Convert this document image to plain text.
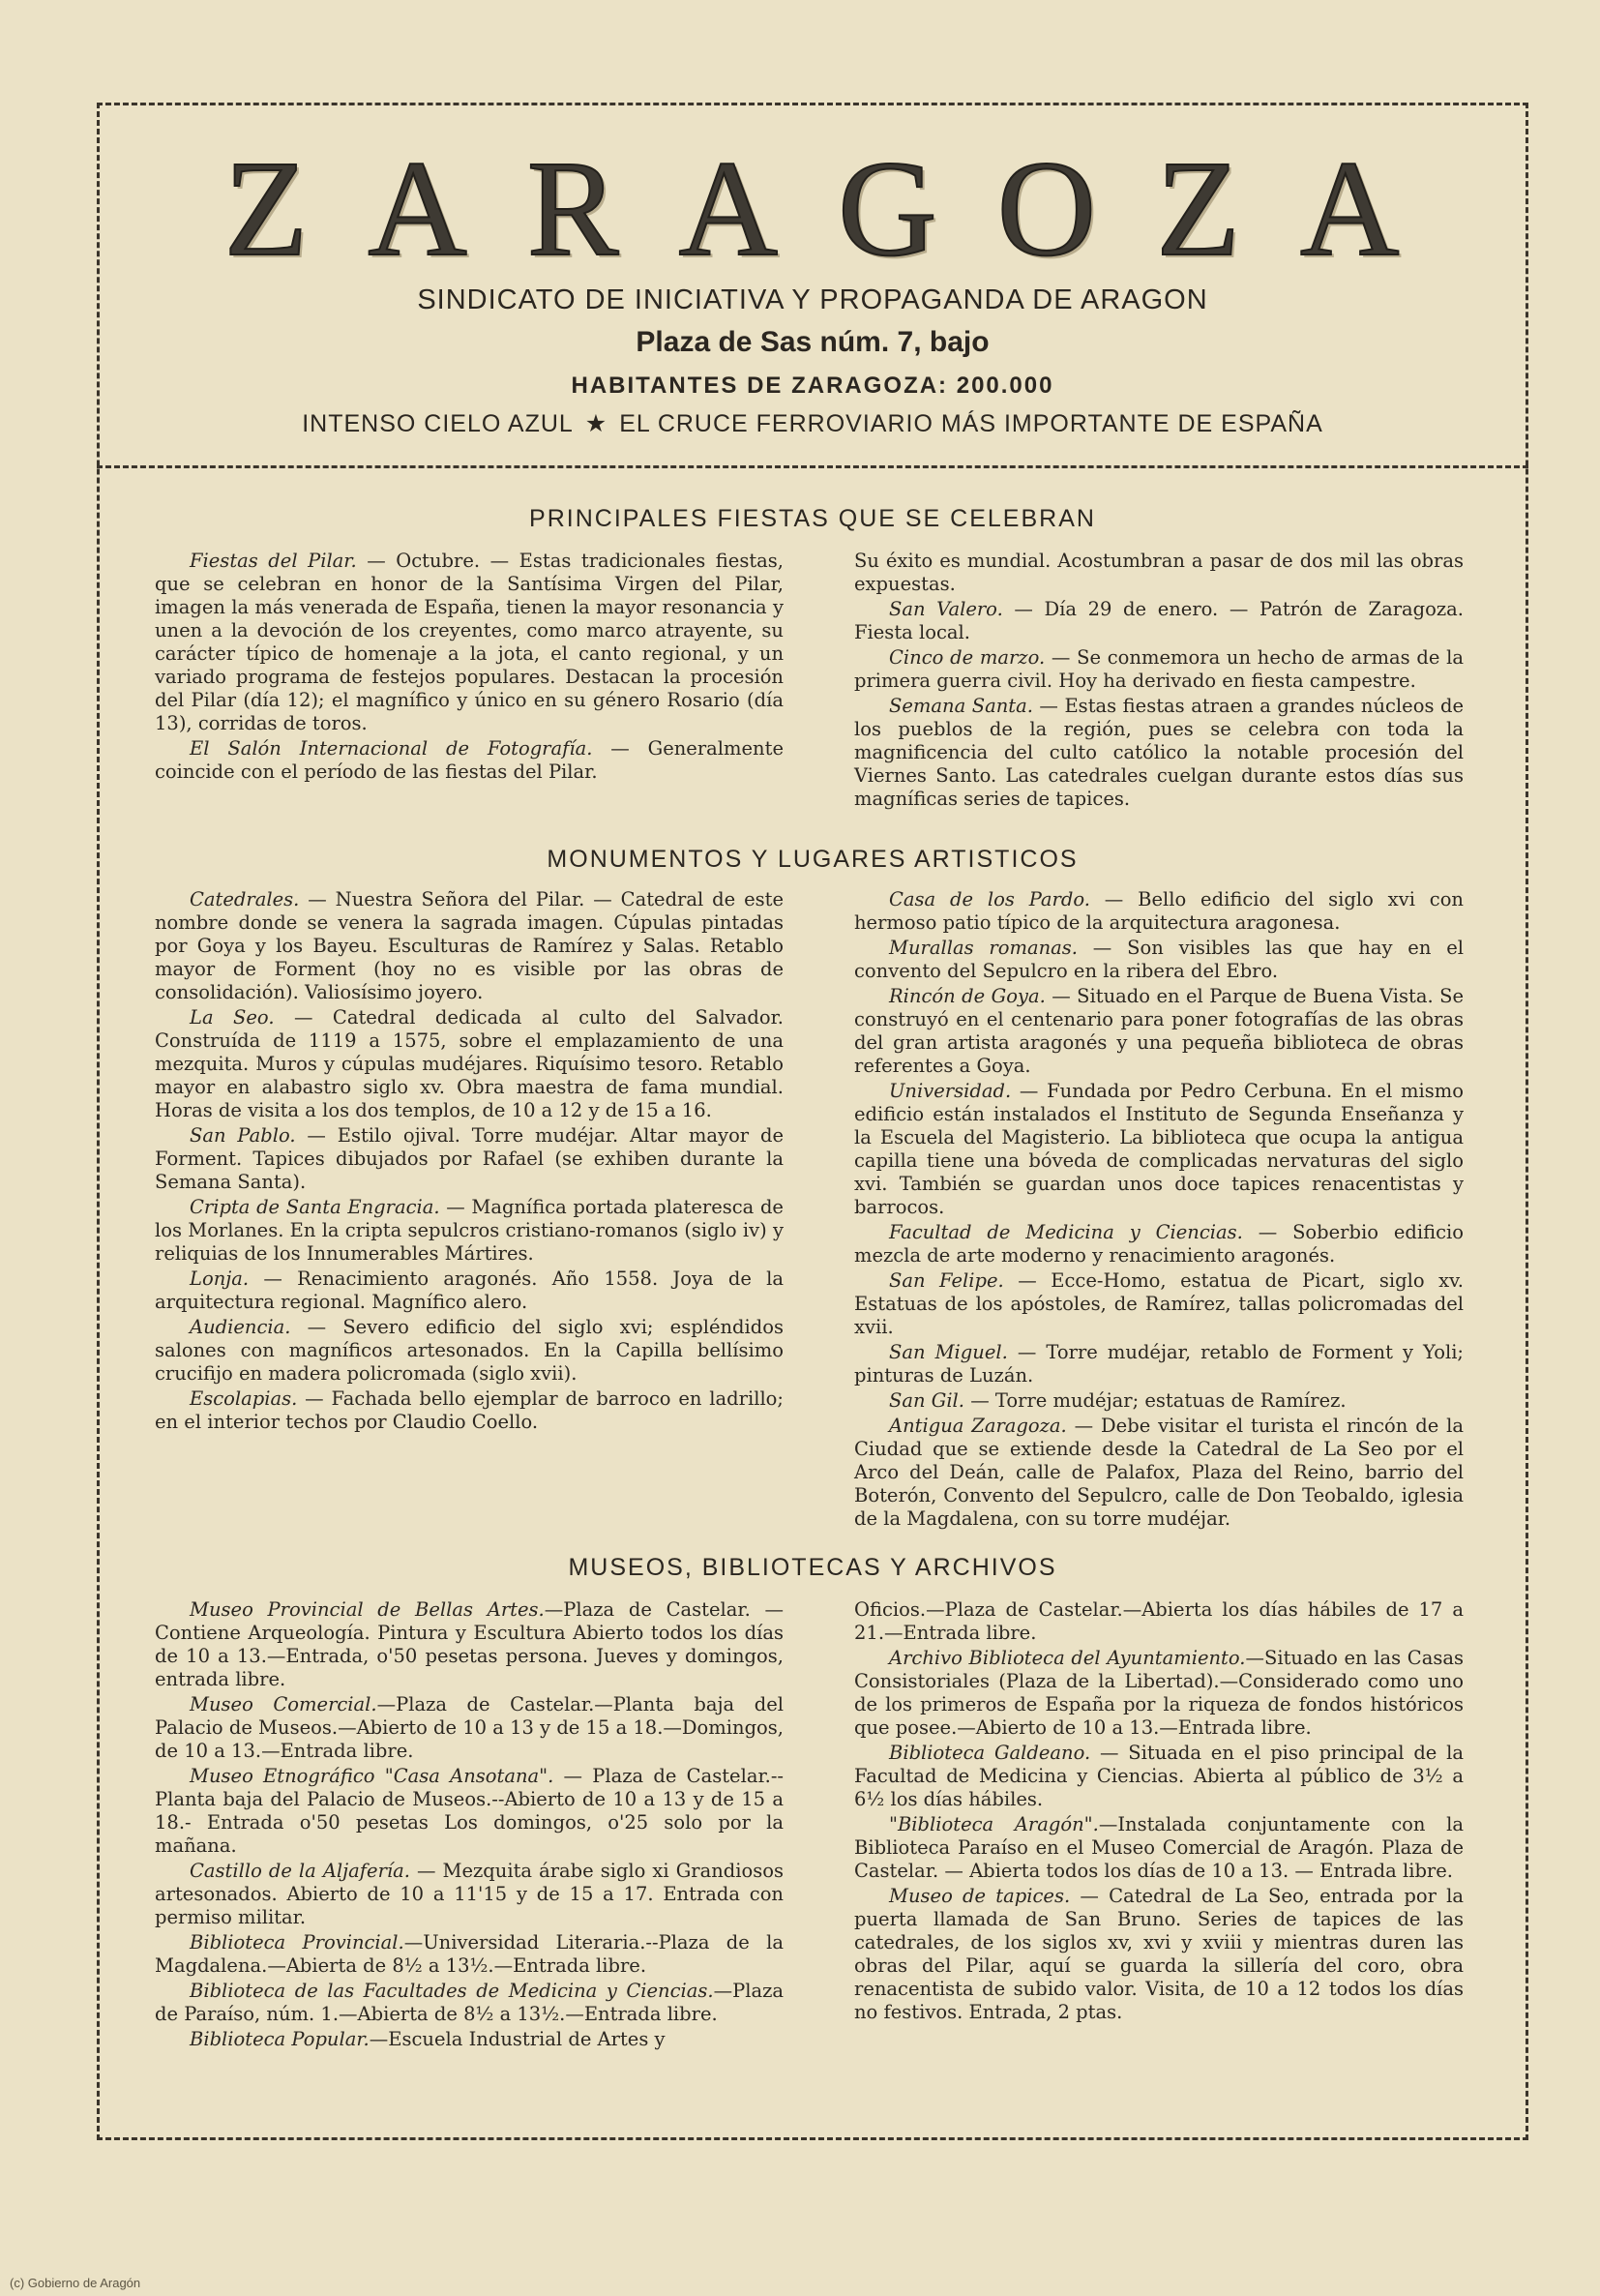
ZARAGOZA
SINDICATO DE INICIATIVA Y PROPAGANDA DE ARAGON
Plaza de Sas núm. 7, bajo
HABITANTES DE ZARAGOZA: 200.000
INTENSO CIELO AZUL ★ EL CRUCE FERROVIARIO MÁS IMPORTANTE DE ESPAÑA
PRINCIPALES FIESTAS QUE SE CELEBRAN

Fiestas del Pilar. — Octubre. — Estas tradicionales fiestas, que se celebran en honor de la Santísima Virgen del Pilar, imagen la más venerada de España, tienen la mayor resonancia y unen a la devoción de los creyentes, como marco atrayente, su carácter típico de homenaje a la jota, el canto regional, y un variado programa de festejos populares. Destacan la procesión del Pilar (día 12); el magnífico y único en su género Rosario (día 13), corridas de toros.

El Salón Internacional de Fotografía. — Generalmente coincide con el período de las fiestas del Pilar.

Su éxito es mundial. Acostumbran a pasar de dos mil las obras expuestas.

San Valero. — Día 29 de enero. — Patrón de Zaragoza. Fiesta local.

Cinco de marzo. — Se conmemora un hecho de armas de la primera guerra civil. Hoy ha derivado en fiesta campestre.

Semana Santa. — Estas fiestas atraen a grandes núcleos de los pueblos de la región, pues se celebra con toda la magnificencia del culto católico la notable procesión del Viernes Santo. Las catedrales cuelgan durante estos días sus magníficas series de tapices.

MONUMENTOS Y LUGARES ARTISTICOS

Catedrales. — Nuestra Señora del Pilar. — Catedral de este nombre donde se venera la sagrada imagen. Cúpulas pintadas por Goya y los Bayeu. Esculturas de Ramírez y Salas. Retablo mayor de Forment (hoy no es visible por las obras de consolidación). Valiosísimo joyero.

La Seo. — Catedral dedicada al culto del Salvador. Construída de 1119 a 1575, sobre el emplazamiento de una mezquita. Muros y cúpulas mudéjares. Riquísimo tesoro. Retablo mayor en alabastro siglo xv. Obra maestra de fama mundial. Horas de visita a los dos templos, de 10 a 12 y de 15 a 16.

San Pablo. — Estilo ojival. Torre mudéjar. Altar mayor de Forment. Tapices dibujados por Rafael (se exhiben durante la Semana Santa).

Cripta de Santa Engracia. — Magnífica portada plateresca de los Morlanes. En la cripta sepulcros cristiano-romanos (siglo iv) y reliquias de los Innumerables Mártires.

Lonja. — Renacimiento aragonés. Año 1558. Joya de la arquitectura regional. Magnífico alero.

Audiencia. — Severo edificio del siglo xvi; espléndidos salones con magníficos artesonados. En la Capilla bellísimo crucifijo en madera policromada (siglo xvii).

Escolapias. — Fachada bello ejemplar de barroco en ladrillo; en el interior techos por Claudio Coello.

Casa de los Pardo. — Bello edificio del siglo xvi con hermoso patio típico de la arquitectura aragonesa.

Murallas romanas. — Son visibles las que hay en el convento del Sepulcro en la ribera del Ebro.

Rincón de Goya. — Situado en el Parque de Buena Vista. Se construyó en el centenario para poner fotografías de las obras del gran artista aragonés y una pequeña biblioteca de obras referentes a Goya.

Universidad. — Fundada por Pedro Cerbuna. En el mismo edificio están instalados el Instituto de Segunda Enseñanza y la Escuela del Magisterio. La biblioteca que ocupa la antigua capilla tiene una bóveda de complicadas nervaturas del siglo xvi. También se guardan unos doce tapices renacentistas y barrocos.

Facultad de Medicina y Ciencias. — Soberbio edificio mezcla de arte moderno y renacimiento aragonés.

San Felipe. — Ecce-Homo, estatua de Picart, siglo xv. Estatuas de los apóstoles, de Ramírez, tallas policromadas del xvii.

San Miguel. — Torre mudéjar, retablo de Forment y Yoli; pinturas de Luzán.

San Gil. — Torre mudéjar; estatuas de Ramírez.

Antigua Zaragoza. — Debe visitar el turista el rincón de la Ciudad que se extiende desde la Catedral de La Seo por el Arco del Deán, calle de Palafox, Plaza del Reino, barrio del Boterón, Convento del Sepulcro, calle de Don Teobaldo, iglesia de la Magdalena, con su torre mudéjar.

MUSEOS, BIBLIOTECAS Y ARCHIVOS

Museo Provincial de Bellas Artes.—Plaza de Castelar. — Contiene Arqueología. Pintura y Escultura Abierto todos los días de 10 a 13.—Entrada, o'50 pesetas persona. Jueves y domingos, entrada libre.

Museo Comercial.—Plaza de Castelar.—Planta baja del Palacio de Museos.—Abierto de 10 a 13 y de 15 a 18.—Domingos, de 10 a 13.—Entrada libre.

Museo Etnográfico "Casa Ansotana". — Plaza de Castelar.--Planta baja del Palacio de Museos.--Abierto de 10 a 13 y de 15 a 18.- Entrada o'50 pesetas Los domingos, o'25 solo por la mañana.

Castillo de la Aljafería. — Mezquita árabe siglo xi Grandiosos artesonados. Abierto de 10 a 11'15 y de 15 a 17. Entrada con permiso militar.

Biblioteca Provincial.—Universidad Literaria.--Plaza de la Magdalena.—Abierta de 8½ a 13½.—Entrada libre.

Biblioteca de las Facultades de Medicina y Ciencias.—Plaza de Paraíso, núm. 1.—Abierta de 8½ a 13½.—Entrada libre.

Biblioteca Popular.—Escuela Industrial de Artes y

Oficios.—Plaza de Castelar.—Abierta los días hábiles de 17 a 21.—Entrada libre.

Archivo Biblioteca del Ayuntamiento.—Situado en las Casas Consistoriales (Plaza de la Libertad).—Considerado como uno de los primeros de España por la riqueza de fondos históricos que posee.—Abierto de 10 a 13.—Entrada libre.

Biblioteca Galdeano. — Situada en el piso principal de la Facultad de Medicina y Ciencias. Abierta al público de 3½ a 6½ los días hábiles.

"Biblioteca Aragón".—Instalada conjuntamente con la Biblioteca Paraíso en el Museo Comercial de Aragón. Plaza de Castelar. — Abierta todos los días de 10 a 13. — Entrada libre.

Museo de tapices. — Catedral de La Seo, entrada por la puerta llamada de San Bruno. Series de tapices de las catedrales, de los siglos xv, xvi y xviii y mientras duren las obras del Pilar, aquí se guarda la sillería del coro, obra renacentista de subido valor. Visita, de 10 a 12 todos los días no festivos. Entrada, 2 ptas.

(c) Gobierno de Aragón
